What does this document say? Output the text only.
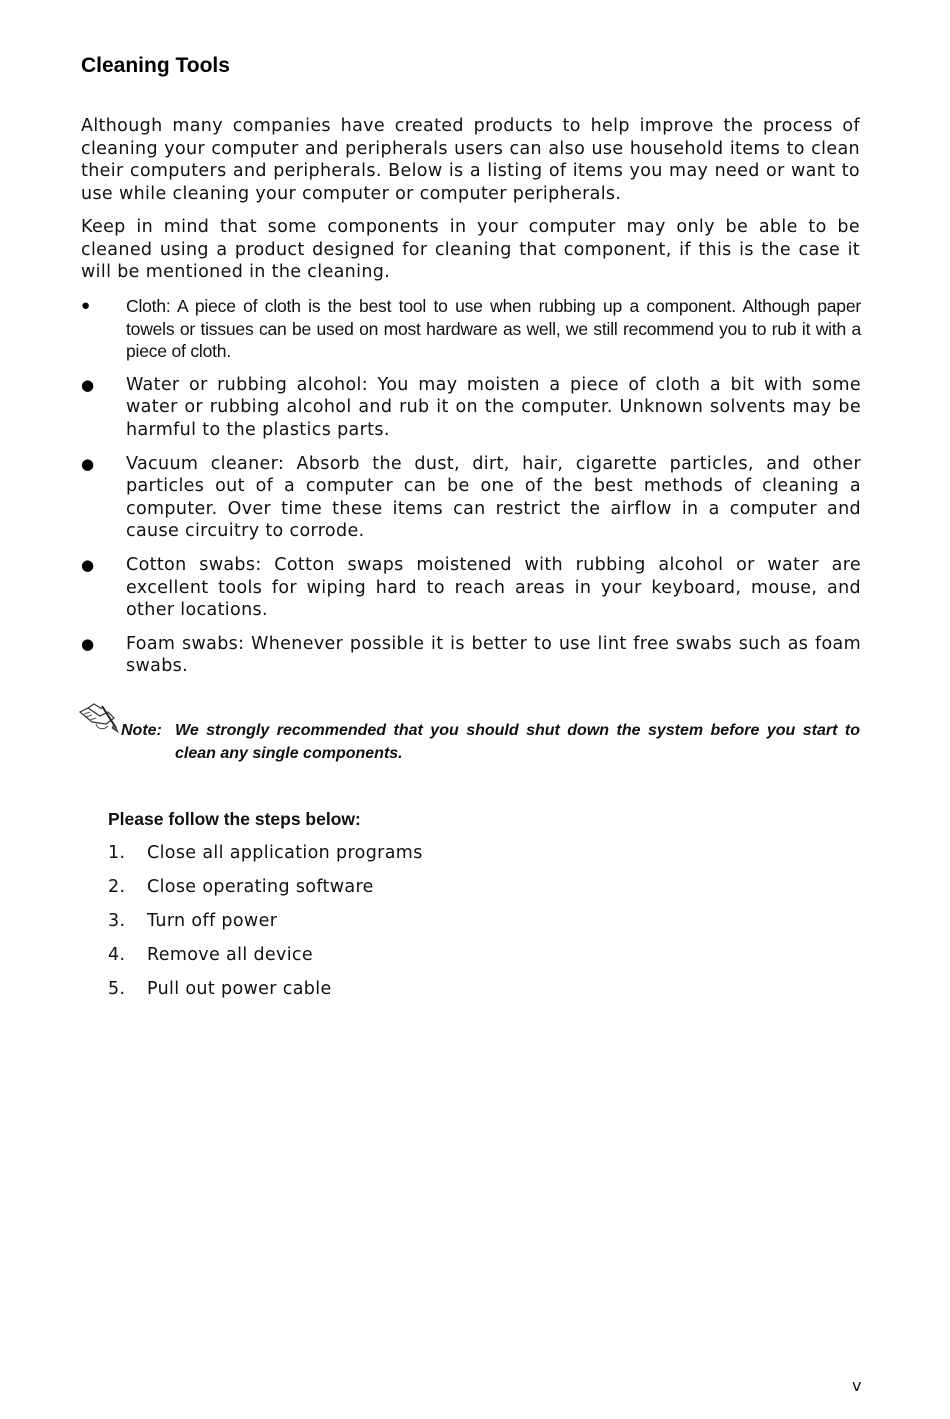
Cleaning Tools
Although many companies have created products to help improve the process of cleaning your computer and peripherals users can also use household items to clean their computers and peripherals. Below is a listing of items you may need or want to use while cleaning your computer or computer peripherals.
Keep in mind that some components in your computer may only be able to be cleaned using a product designed for cleaning that component, if this is the case it will be mentioned in the cleaning.
●	Cloth: A piece of cloth is the best tool to use when rubbing up a component. Although paper towels or tissues can be used on most hardware as well, we still recommend you to rub it with a piece of cloth.
●	Water or rubbing alcohol: You may moisten a piece of cloth a bit with some water or rubbing alcohol and rub it on the computer. Unknown solvents may be harmful to the plastics parts.
●	Vacuum cleaner: Absorb the dust, dirt, hair, cigarette particles, and other particles out of a computer can be one of the best methods of cleaning a computer. Over time these items can restrict the airflow in a computer and cause circuitry to corrode.
●	Cotton swabs: Cotton swaps moistened with rubbing alcohol or water are excellent tools for wiping hard to reach areas in your keyboard, mouse, and other locations.
●	Foam swabs: Whenever possible it is better to use lint free swabs such as foam swabs.
Note: We strongly recommended that you should shut down the system before you start to clean any single components.
Please follow the steps below:
1. Close all application programs
2. Close operating software
3. Turn off power
4. Remove all device
5. Pull out power cable
v
